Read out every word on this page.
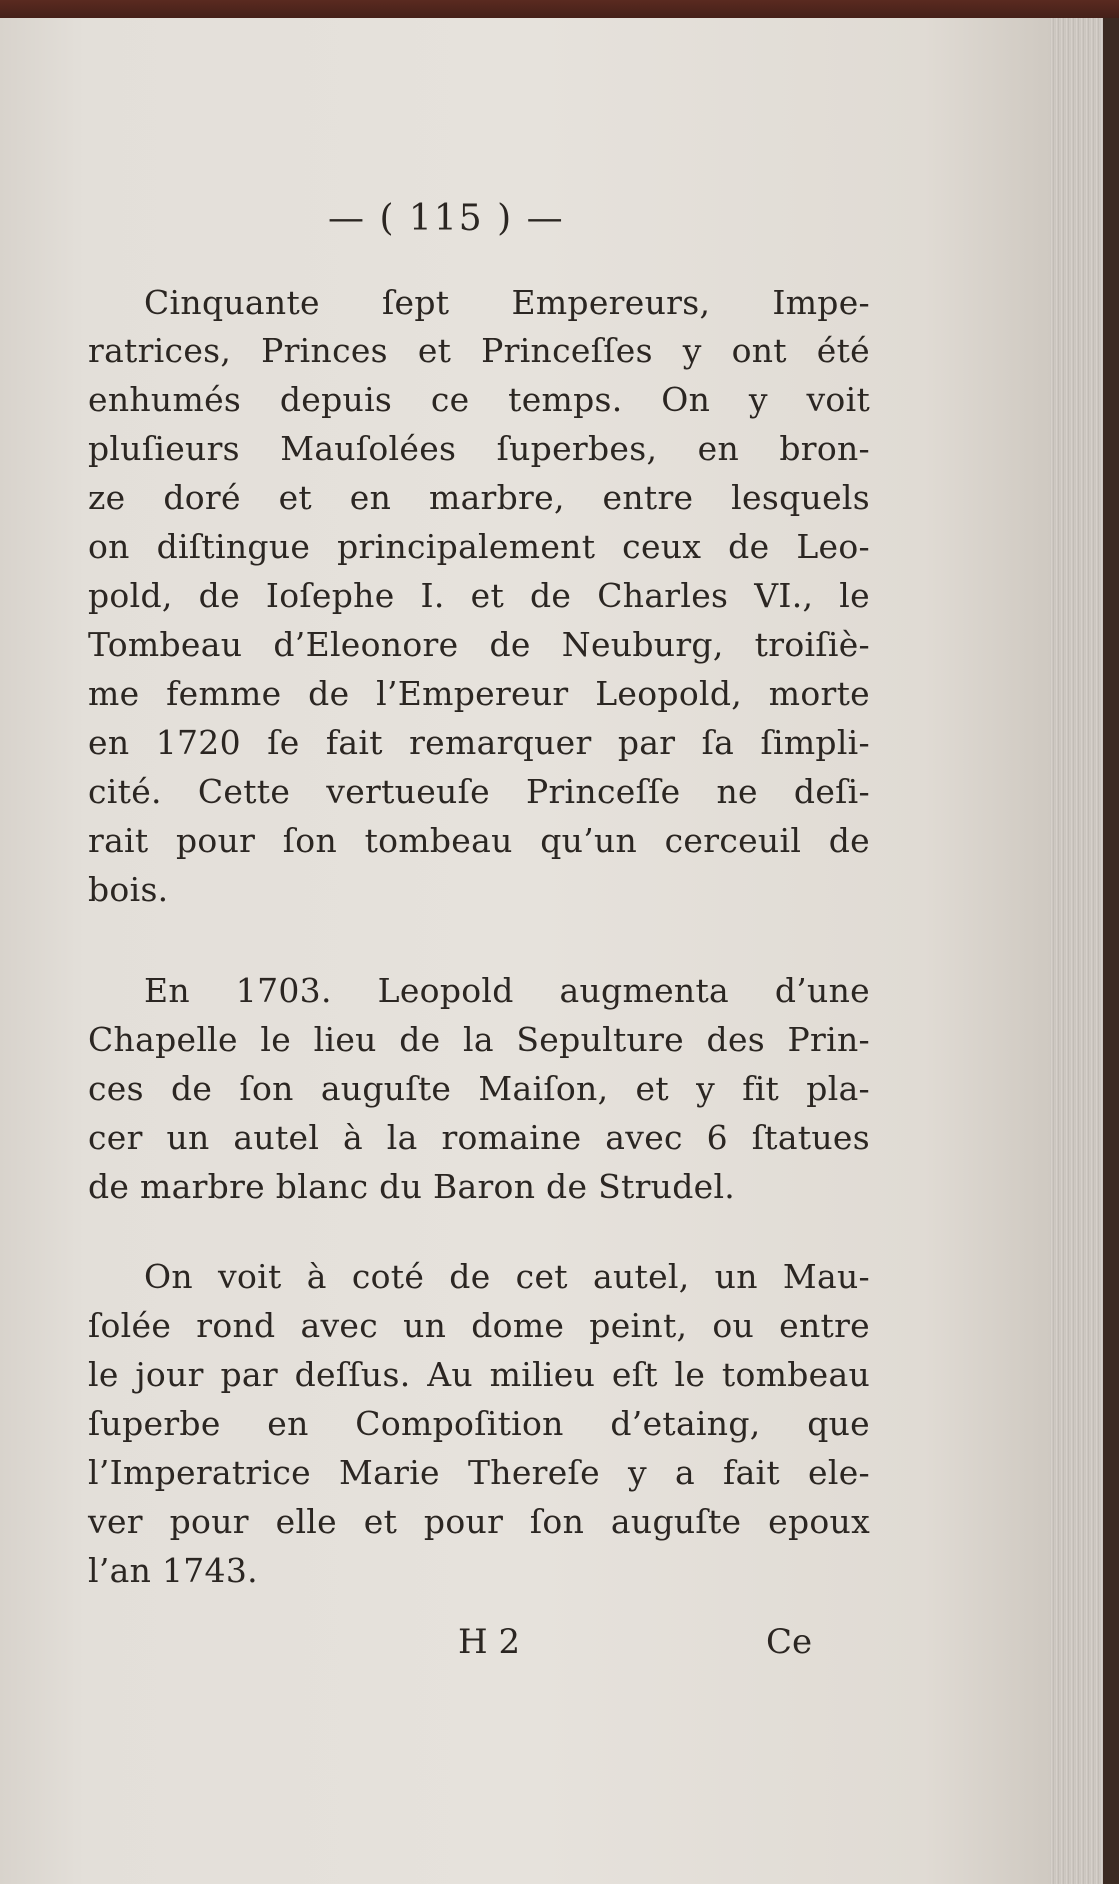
— ( 115 ) —
Cinquante ſept Empereurs, Impe-
ratrices, Princes et Princeſſes y ont été
enhumés depuis ce temps. On y voit
pluſieurs Mauſolées ſuperbes, en bron-
ze doré et en marbre, entre lesquels
on diſtingue principalement ceux de Leo-
pold, de Ioſephe I. et de Charles VI., le
Tombeau d’Eleonore de Neuburg, troiſiè-
me femme de l’Empereur Leopold, morte
en 1720 ſe fait remarquer par ſa ſimpli-
cité. Cette vertueuſe Princeſſe ne deſi-
rait pour ſon tombeau qu’un cerceuil de
bois.
En 1703. Leopold augmenta d’une
Chapelle le lieu de la Sepulture des Prin-
ces de ſon auguſte Maiſon, et y fit pla-
cer un autel à la romaine avec 6 ſtatues
de marbre blanc du Baron de Strudel.
On voit à coté de cet autel, un Mau-
ſolée rond avec un dome peint, ou entre
le jour par deſſus. Au milieu eſt le tombeau
ſuperbe en Compoſition d’etaing, que
l’Imperatrice Marie Thereſe y a fait ele-
ver pour elle et pour ſon auguſte epoux
l’an 1743.
H 2	Ce
